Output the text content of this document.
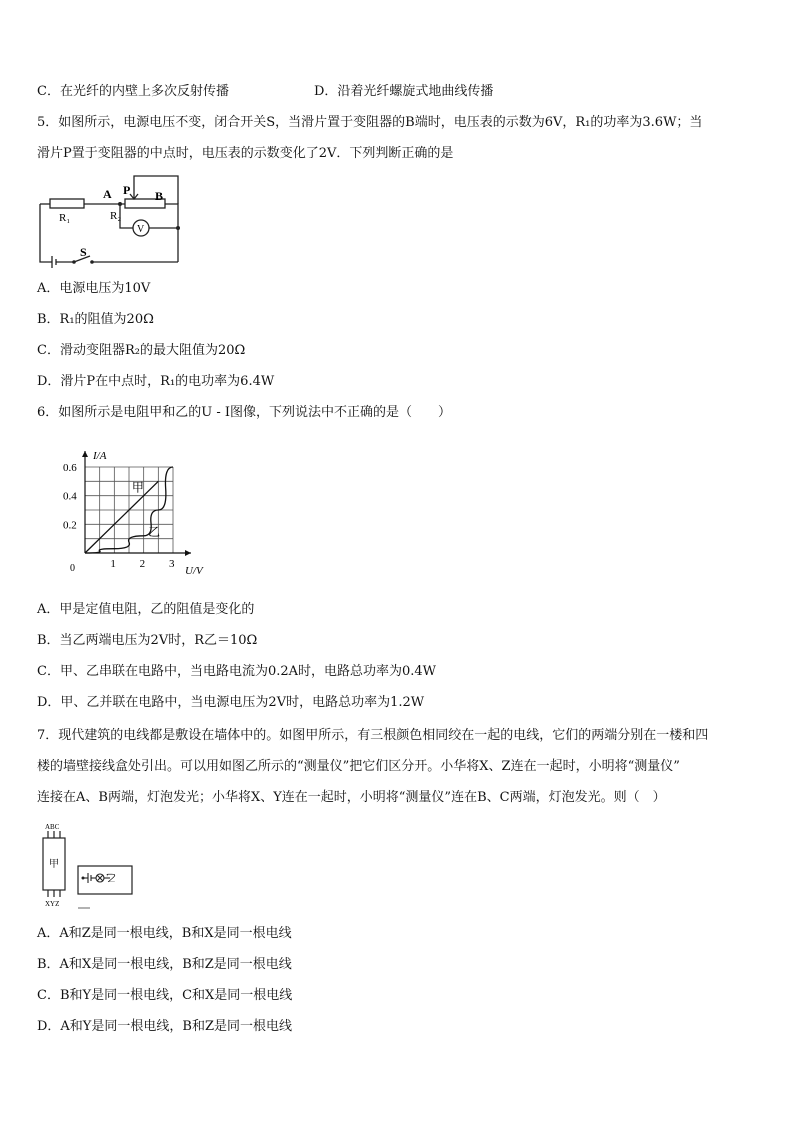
C．在光纤的内壁上多次反射传播	D．沿着光纤螺旋式地曲线传播
5．如图所示，电源电压不变，闭合开关S，当滑片置于变阻器的B端时，电压表的示数为6V，R₁的功率为3.6W；当
滑片P置于变阻器的中点时，电压表的示数变化了2V．下列判断正确的是
A P B
R₁	R₂
V
S
A．电源电压为10V
B．R₁的阻值为20Ω
C．滑动变阻器R₂的最大阻值为20Ω
D．滑片P在中点时，R₁的电功率为6.4W
6．如图所示是电阻甲和乙的U - I图像，下列说法中不正确的是（　　）
1 2 3
0.2
0.4
0.6
0	U/V
I/A
甲
乙
A．甲是定值电阻，乙的阻值是变化的
B．当乙两端电压为2V时，R乙＝10Ω
C．甲、乙串联在电路中，当电路电流为0.2A时，电路总功率为0.4W
D．甲、乙并联在电路中，当电源电压为2V时，电路总功率为1.2W
7．现代建筑的电线都是敷设在墙体中的。如图甲所示，有三根颜色相同绞在一起的电线，它们的两端分别在一楼和四
楼的墙壁接线盒处引出。可以用如图乙所示的“测量仪”把它们区分开。小华将X、Z连在一起时，小明将“测量仪”
连接在A、B两端，灯泡发光；小华将X、Y连在一起时，小明将“测量仪”连在B、C两端，灯泡发光。则（　）
ABC
甲
XYZ
乙
A．A和Z是同一根电线，B和X是同一根电线
B．A和X是同一根电线，B和Z是同一根电线
C．B和Y是同一根电线，C和X是同一根电线
D．A和Y是同一根电线，B和Z是同一根电线
